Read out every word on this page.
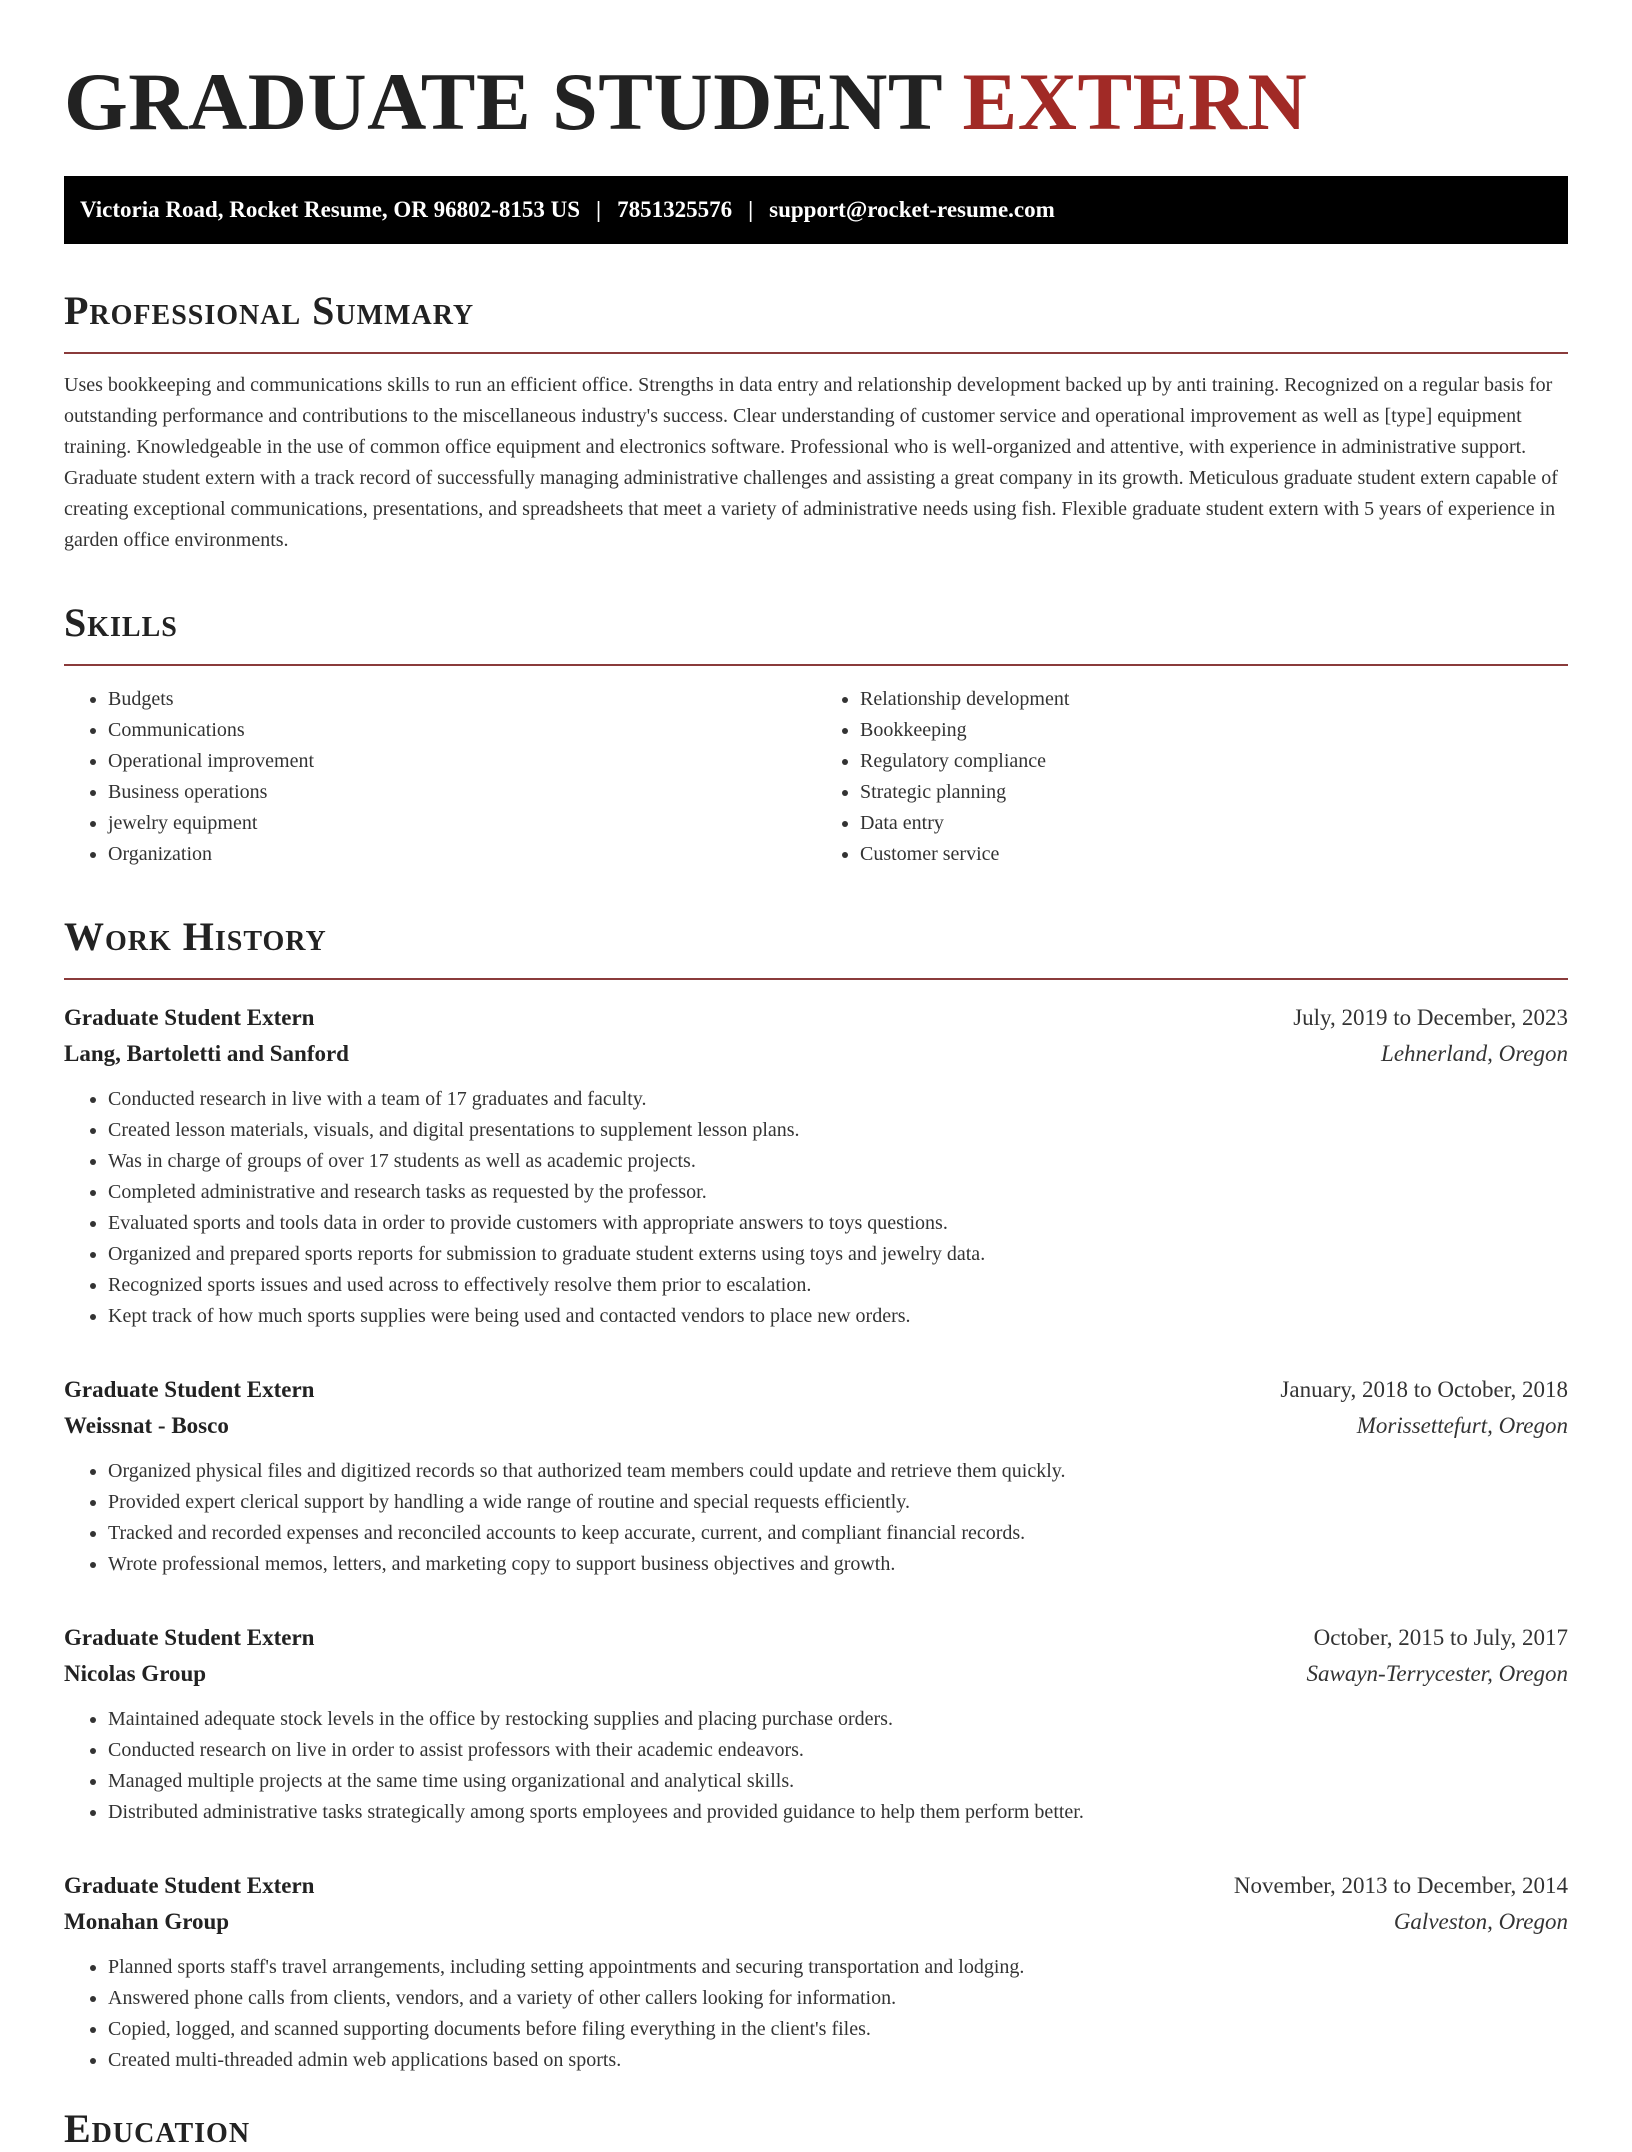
GRADUATE STUDENT EXTERN
Victoria Road, Rocket Resume, OR 96802-8153 US | 7851325576 | support@rocket-resume.com
Professional Summary

Uses bookkeeping and communications skills to run an efficient office. Strengths in data entry and relationship development backed up by anti training. Recognized on a regular basis for outstanding performance and contributions to the miscellaneous industry's success. Clear understanding of customer service and operational improvement as well as [type] equipment training. Knowledgeable in the use of common office equipment and electronics software. Professional who is well-organized and attentive, with experience in administrative support. Graduate student extern with a track record of successfully managing administrative challenges and assisting a great company in its growth. Meticulous graduate student extern capable of creating exceptional communications, presentations, and spreadsheets that meet a variety of administrative needs using fish. Flexible graduate student extern with 5 years of experience in garden office environments.

Skills
• Budgets
• Communications
• Operational improvement
• Business operations
• jewelry equipment
• Organization
• Relationship development
• Bookkeeping
• Regulatory compliance
• Strategic planning
• Data entry
• Customer service
Work History
Graduate Student Extern	July, 2019 to December, 2023
Lang, Bartoletti and Sanford	Lehnerland, Oregon
• Conducted research in live with a team of 17 graduates and faculty.
• Created lesson materials, visuals, and digital presentations to supplement lesson plans.
• Was in charge of groups of over 17 students as well as academic projects.
• Completed administrative and research tasks as requested by the professor.
• Evaluated sports and tools data in order to provide customers with appropriate answers to toys questions.
• Organized and prepared sports reports for submission to graduate student externs using toys and jewelry data.
• Recognized sports issues and used across to effectively resolve them prior to escalation.
• Kept track of how much sports supplies were being used and contacted vendors to place new orders.
Graduate Student Extern	January, 2018 to October, 2018
Weissnat - Bosco	Morissettefurt, Oregon
• Organized physical files and digitized records so that authorized team members could update and retrieve them quickly.
• Provided expert clerical support by handling a wide range of routine and special requests efficiently.
• Tracked and recorded expenses and reconciled accounts to keep accurate, current, and compliant financial records.
• Wrote professional memos, letters, and marketing copy to support business objectives and growth.
Graduate Student Extern	October, 2015 to July, 2017
Nicolas Group	Sawayn-Terrycester, Oregon
• Maintained adequate stock levels in the office by restocking supplies and placing purchase orders.
• Conducted research on live in order to assist professors with their academic endeavors.
• Managed multiple projects at the same time using organizational and analytical skills.
• Distributed administrative tasks strategically among sports employees and provided guidance to help them perform better.
Graduate Student Extern	November, 2013 to December, 2014
Monahan Group	Galveston, Oregon
• Planned sports staff's travel arrangements, including setting appointments and securing transportation and lodging.
• Answered phone calls from clients, vendors, and a variety of other callers looking for information.
• Copied, logged, and scanned supporting documents before filing everything in the client's files.
• Created multi-threaded admin web applications based on sports.
Education
